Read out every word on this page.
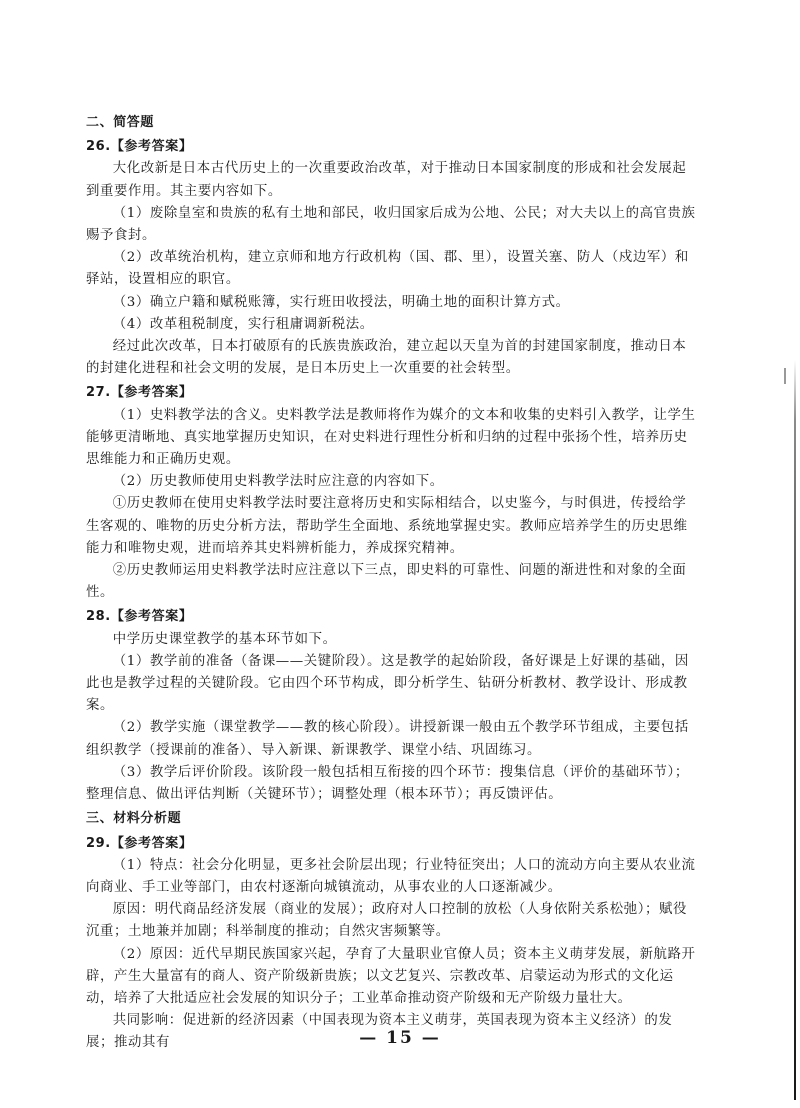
二、简答题

26.【参考答案】

大化改新是日本古代历史上的一次重要政治改革，对于推动日本国家制度的形成和社会发展起到重要作用。其主要内容如下。

（1）废除皇室和贵族的私有土地和部民，收归国家后成为公地、公民；对大夫以上的高官贵族赐予食封。

（2）改革统治机构，建立京师和地方行政机构（国、郡、里），设置关塞、防人（戍边军）和驿站，设置相应的职官。

（3）确立户籍和赋税账簿，实行班田收授法，明确土地的面积计算方式。

（4）改革租税制度，实行租庸调新税法。

经过此次改革，日本打破原有的氏族贵族政治，建立起以天皇为首的封建国家制度，推动日本的封建化进程和社会文明的发展，是日本历史上一次重要的社会转型。

27.【参考答案】

（1）史料教学法的含义。史料教学法是教师将作为媒介的文本和收集的史料引入教学，让学生能够更清晰地、真实地掌握历史知识，在对史料进行理性分析和归纳的过程中张扬个性，培养历史思维能力和正确历史观。

（2）历史教师使用史料教学法时应注意的内容如下。

①历史教师在使用史料教学法时要注意将历史和实际相结合，以史鉴今，与时俱进，传授给学生客观的、唯物的历史分析方法，帮助学生全面地、系统地掌握史实。教师应培养学生的历史思维能力和唯物史观，进而培养其史料辨析能力，养成探究精神。

②历史教师运用史料教学法时应注意以下三点，即史料的可靠性、问题的渐进性和对象的全面性。

28.【参考答案】

中学历史课堂教学的基本环节如下。

（1）教学前的准备（备课——关键阶段）。这是教学的起始阶段，备好课是上好课的基础，因此也是教学过程的关键阶段。它由四个环节构成，即分析学生、钻研分析教材、教学设计、形成教案。

（2）教学实施（课堂教学——教的核心阶段）。讲授新课一般由五个教学环节组成，主要包括组织教学（授课前的准备）、导入新课、新课教学、课堂小结、巩固练习。

（3）教学后评价阶段。该阶段一般包括相互衔接的四个环节：搜集信息（评价的基础环节）；整理信息、做出评估判断（关键环节）；调整处理（根本环节）；再反馈评估。

三、材料分析题

29.【参考答案】

（1）特点：社会分化明显，更多社会阶层出现；行业特征突出；人口的流动方向主要从农业流向商业、手工业等部门，由农村逐渐向城镇流动，从事农业的人口逐渐减少。

原因：明代商品经济发展（商业的发展）；政府对人口控制的放松（人身依附关系松弛）；赋役沉重；土地兼并加剧；科举制度的推动；自然灾害频繁等。

（2）原因：近代早期民族国家兴起，孕育了大量职业官僚人员；资本主义萌芽发展，新航路开辟，产生大量富有的商人、资产阶级新贵族；以文艺复兴、宗教改革、启蒙运动为形式的文化运动，培养了大批适应社会发展的知识分子；工业革命推动资产阶级和无产阶级力量壮大。

共同影响：促进新的经济因素（中国表现为资本主义萌芽，英国表现为资本主义经济）的发展；推动其有	— 15 —
